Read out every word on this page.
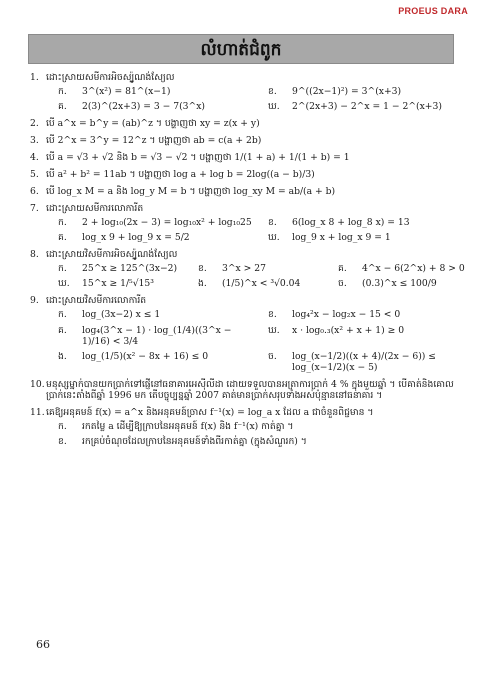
PROEUS DARA
លំហាត់ជំពូក
1. ដោះស្រាយសមីការអិចស្ប៉ូណង់ស្យែល
ក.	3^(x²) = 81^(x−1)	ខ.	9^((2x−1)²) = 3^(x+3)
គ.	2(3)^(2x+3) = 3 − 7(3^x)	ឃ.	2^(2x+3) − 2^x = 1 − 2^(x+3)
2. បើ a^x = b^y = (ab)^z ។ បង្ហាញថា xy = z(x + y)
3. បើ 2^x = 3^y = 12^z ។ បង្ហាញថា ab = c(a + 2b)
4. បើ a = √3 + √2 និង b = √3 − √2 ។ បង្ហាញថា 1/(1 + a) + 1/(1 + b) = 1
5. បើ a² + b² = 11ab ។ បង្ហាញថា log a + log b = 2log((a − b)/3)
6. បើ log_x M = a និង log_y M = b ។ បង្ហាញថា log_xy M = ab/(a + b)
7. ដោះស្រាយសមីការលោការីត
ក.	2 + log₁₀(2x − 3) = log₁₀x² + log₁₀25 ខ.	6(log_x 8 + log_8 x) = 13
គ.	log_x 9 + log_9 x = 5/2	ឃ.	log_9 x + log_x 9 = 1
8. ដោះស្រាយវិសមីការអិចស្ប៉ូណង់ស្យែល
ក.	25^x ≥ 125^(3x−2) ខ.	3^x > 27	គ.	4^x − 6(2^x) + 8 > 0
ឃ.	15^x ≥ 1/⁵√15³	ង.	(1/5)^x < ³√0.04	ច.	(0.3)^x ≤ 100/9
9. ដោះស្រាយវិសមីការលោការីត
ក.	log_(3x−2) x ≤ 1	ខ.	log₄²x − log₂x − 15 < 0
គ.	log₄(3^x − 1) · log_(1/4)((3^x − 1)/16) < 3/4
ឃ.	x · log₀.₃(x² + x + 1) ≥ 0
ង.	log_(1/5)(x² − 8x + 16) ≤ 0	ច.	log_(x−1/2)((x + 4)/(2x − 6)) ≤ log_(x−1/2)(x − 5)
10. មនុស្សម្នាក់បានយកប្រាក់ទៅផ្ញើនៅធនាគារអេស៊ីលីដា ដោយទទួលបានអត្រាការប្រាក់ 4 % ក្នុងមួយឆ្នាំ ។ បើគាត់និងគោលប្រាក់នេះតាំងពីឆ្នាំ 1996 មក តើបច្ចុប្បន្នឆ្នាំ 2007 គាត់មានប្រាក់សរុបទាំងអស់ប៉ុន្មាននៅធនាគារ ។
11. គេឱ្យអនុគមន៍ f(x) = a^x និងអនុគមន៍ច្រាស f⁻¹(x) = log_a x ដែល a ជាចំនួនពិជ្ជមាន ។
ក.	រកតម្លៃ a ដើម្បីឱ្យក្រាបនៃអនុគមន៍ f(x) និង f⁻¹(x) កាត់គ្នា ។
ខ.	រកគ្រប់ចំណុចដែលក្រាបនៃអនុគមន៍ទាំងពីរកាត់គ្នា (ក្នុងសំណួរក) ។
66
